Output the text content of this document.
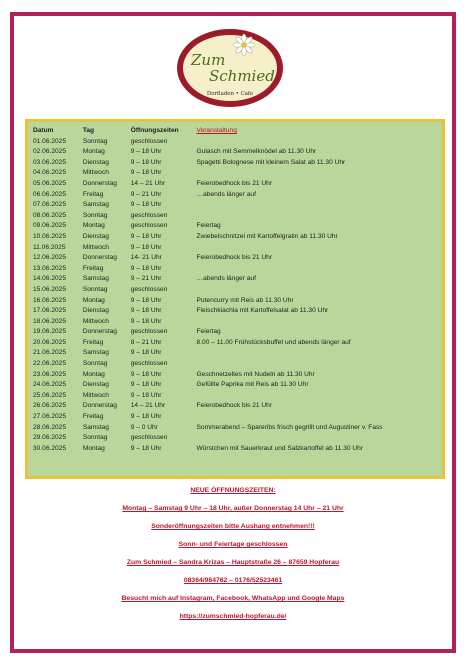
Zum
Schmied
Dorfladen • Cafe
Datum	Tag	Öffnungszeiten	Veranstaltung
01.06.2025	Sonntag	geschlossen	
02.06.2025	Montag	9 – 18 Uhr	Gulasch mit Semmelknödel ab 11.30 Uhr
03.06.2025	Dienstag	9 – 18 Uhr	Spagetti Bolognese mit kleinem Salat ab 11.30 Uhr
04.06.2025	Mittwoch	9 – 18 Uhr	
05.06.2025	Donnerstag	14 – 21 Uhr	Feierobedhock bis 21 Uhr
06.06.2025	Freitag	9 – 21 Uhr	…abends länger auf
07.06.2025	Samstag	9 – 18 Uhr	
08.06.2025	Sonntag	geschlossen	
09.06.2025	Montag	geschlossen	Feiertag
10.06.2025	Dienstag	9 – 18 Uhr	Zwiebelschnitzel mit Kartoffelgratin ab 11.30 Uhr
11.06.2025	Mittwoch	9 – 18 Uhr	
12.06.2025	Donnerstag	14- 21 Uhr	Feierobedhock bis 21 Uhr
13.06.2025	Freitag	9 – 18 Uhr	
14.06.2025	Samstag	9 – 21 Uhr	…abends länger auf
15.06.2025	Sonntag	geschlossen	
16.06.2025	Montag	9 – 18 Uhr	Putencurry mit Reis ab 11.30 Uhr
17.06.2025	Dienstag	9 – 18 Uhr	Fleischkiachla mit Kartoffelsalat ab 11.30 Uhr
18.06.2025	Mittwoch	9 – 18 Uhr	
19.06.2025	Donnerstag	geschlossen	Feiertag
20.06.2025	Freitag	8 – 21 Uhr	8.00 – 11.00 Frühstücksbuffet und abends länger auf
21.06.2025	Samstag	9 – 18 Uhr	
22.06.2025	Sonntag	geschlossen	
23.06.2025	Montag	9 – 18 Uhr	Geschnetzeltes mit Nudeln ab 11.30 Uhr
24.06.2025	Dienstag	9 – 18 Uhr	Gefüllte Paprika mit Reis ab 11.30 Uhr
25.06.2025	Mittwoch	9 – 18 Uhr	
26.06.2025	Donnerstag	14 – 21 Uhr	Feierobedhock bis 21 Uhr
27.06.2025	Freitag	9 – 18 Uhr	
28.06.2025	Samstag	9 – 0 Uhr	Sommerabend – Spareribs frisch gegrillt und Augustiner v. Fass
29.06.2025	Sonntag	geschlossen	
30.06.2025	Montag	9 – 18 Uhr	Würstchen mit Sauerkraut und Salzkartoffel ab 11.30 Uhr
NEUE ÖFFNUNGSZEITEN:
Montag – Samstag 9 Uhr – 18 Uhr, außer Donnerstag 14 Uhr – 21 Uhr
Sonderöffnungszeiten bitte Aushang entnehmen!!!
Sonn- und Feiertage geschlossen
Zum Schmied – Sandra Krizas – Hauptstraße 26 – 87659 Hopferau
08364/984762 – 0176/52523461
Besucht mich auf Instagram, Facebook, WhatsApp und Google Maps
https://zumschmied-hopferau.de/
